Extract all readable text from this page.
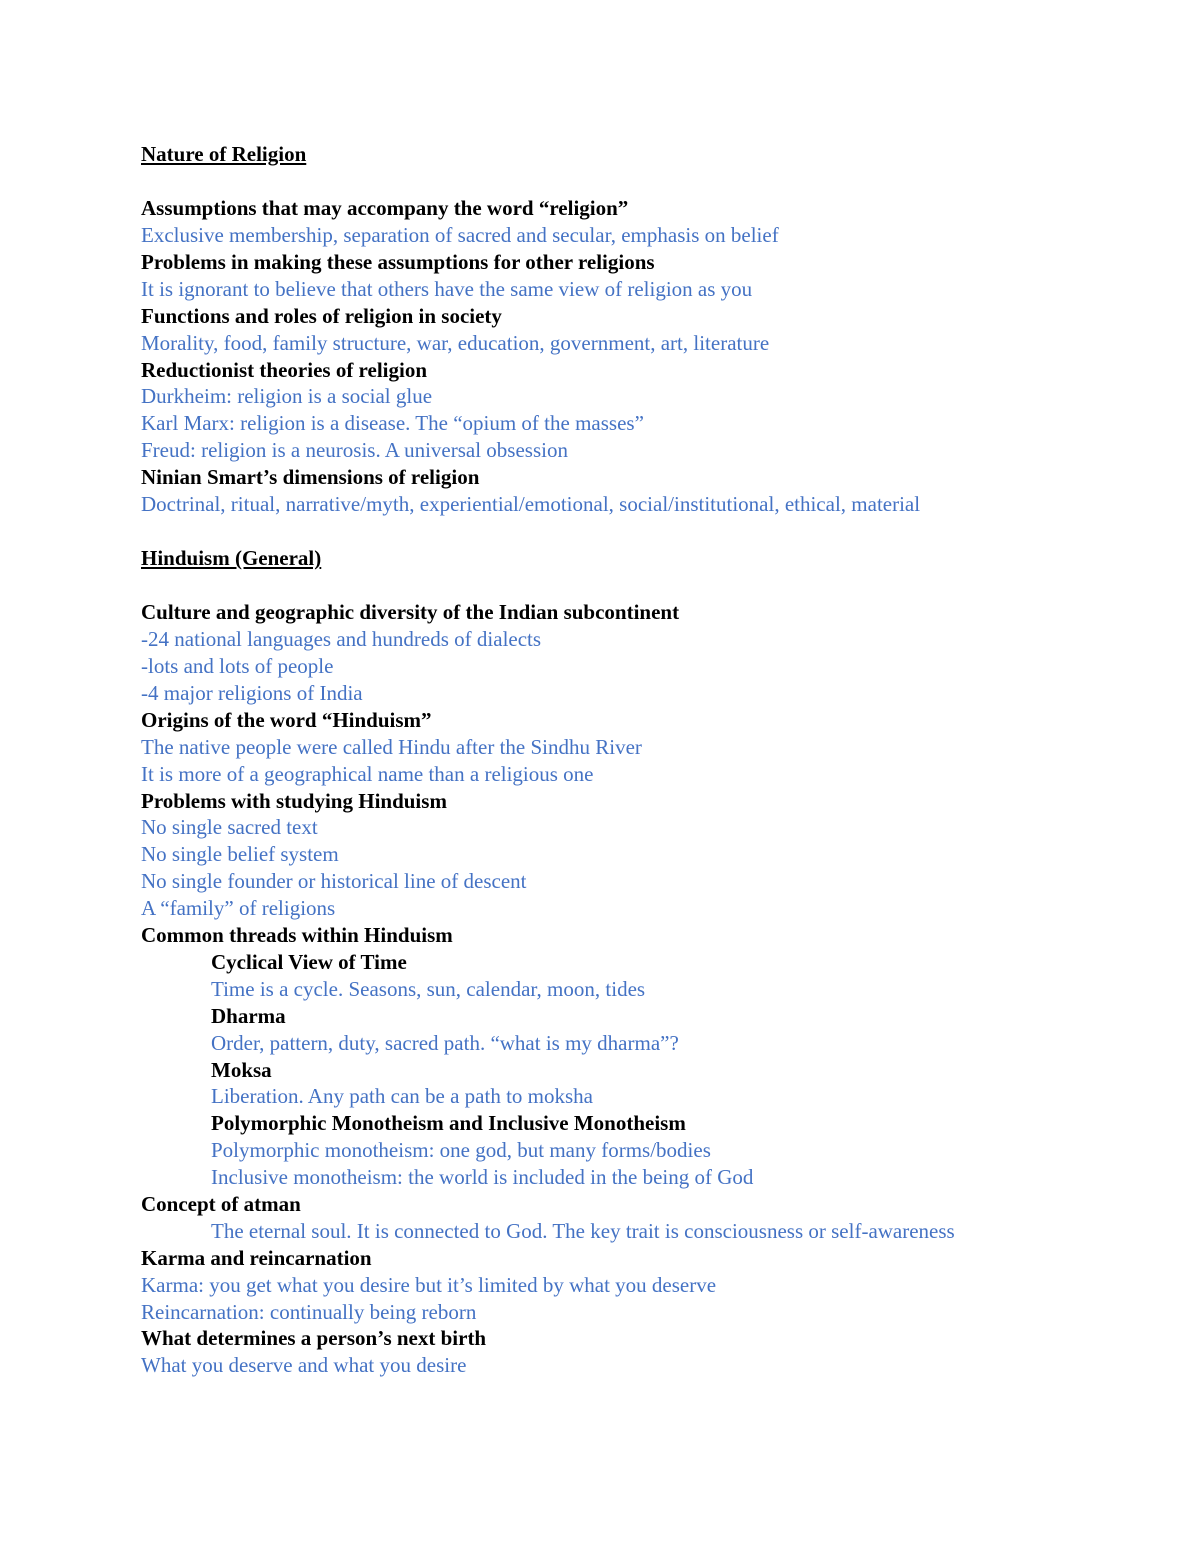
Nature of Religion
Assumptions that may accompany the word “religion”
Exclusive membership, separation of sacred and secular, emphasis on belief
Problems in making these assumptions for other religions
It is ignorant to believe that others have the same view of religion as you
Functions and roles of religion in society
Morality, food, family structure, war, education, government, art, literature
Reductionist theories of religion
Durkheim: religion is a social glue
Karl Marx: religion is a disease. The “opium of the masses”
Freud: religion is a neurosis. A universal obsession
Ninian Smart’s dimensions of religion
Doctrinal, ritual, narrative/myth, experiential/emotional, social/institutional, ethical, material
Hinduism (General)
Culture and geographic diversity of the Indian subcontinent
-24 national languages and hundreds of dialects
-lots and lots of people
-4 major religions of India
Origins of the word “Hinduism”
The native people were called Hindu after the Sindhu River
It is more of a geographical name than a religious one
Problems with studying Hinduism
No single sacred text
No single belief system
No single founder or historical line of descent
A “family” of religions
Common threads within Hinduism
Cyclical View of Time
Time is a cycle. Seasons, sun, calendar, moon, tides
Dharma
Order, pattern, duty, sacred path. “what is my dharma”?
Moksa
Liberation. Any path can be a path to moksha
Polymorphic Monotheism and Inclusive Monotheism
Polymorphic monotheism: one god, but many forms/bodies
Inclusive monotheism: the world is included in the being of God
Concept of atman
The eternal soul. It is connected to God. The key trait is consciousness or self-awareness
Karma and reincarnation
Karma: you get what you desire but it’s limited by what you deserve
Reincarnation: continually being reborn
What determines a person’s next birth
What you deserve and what you desire
